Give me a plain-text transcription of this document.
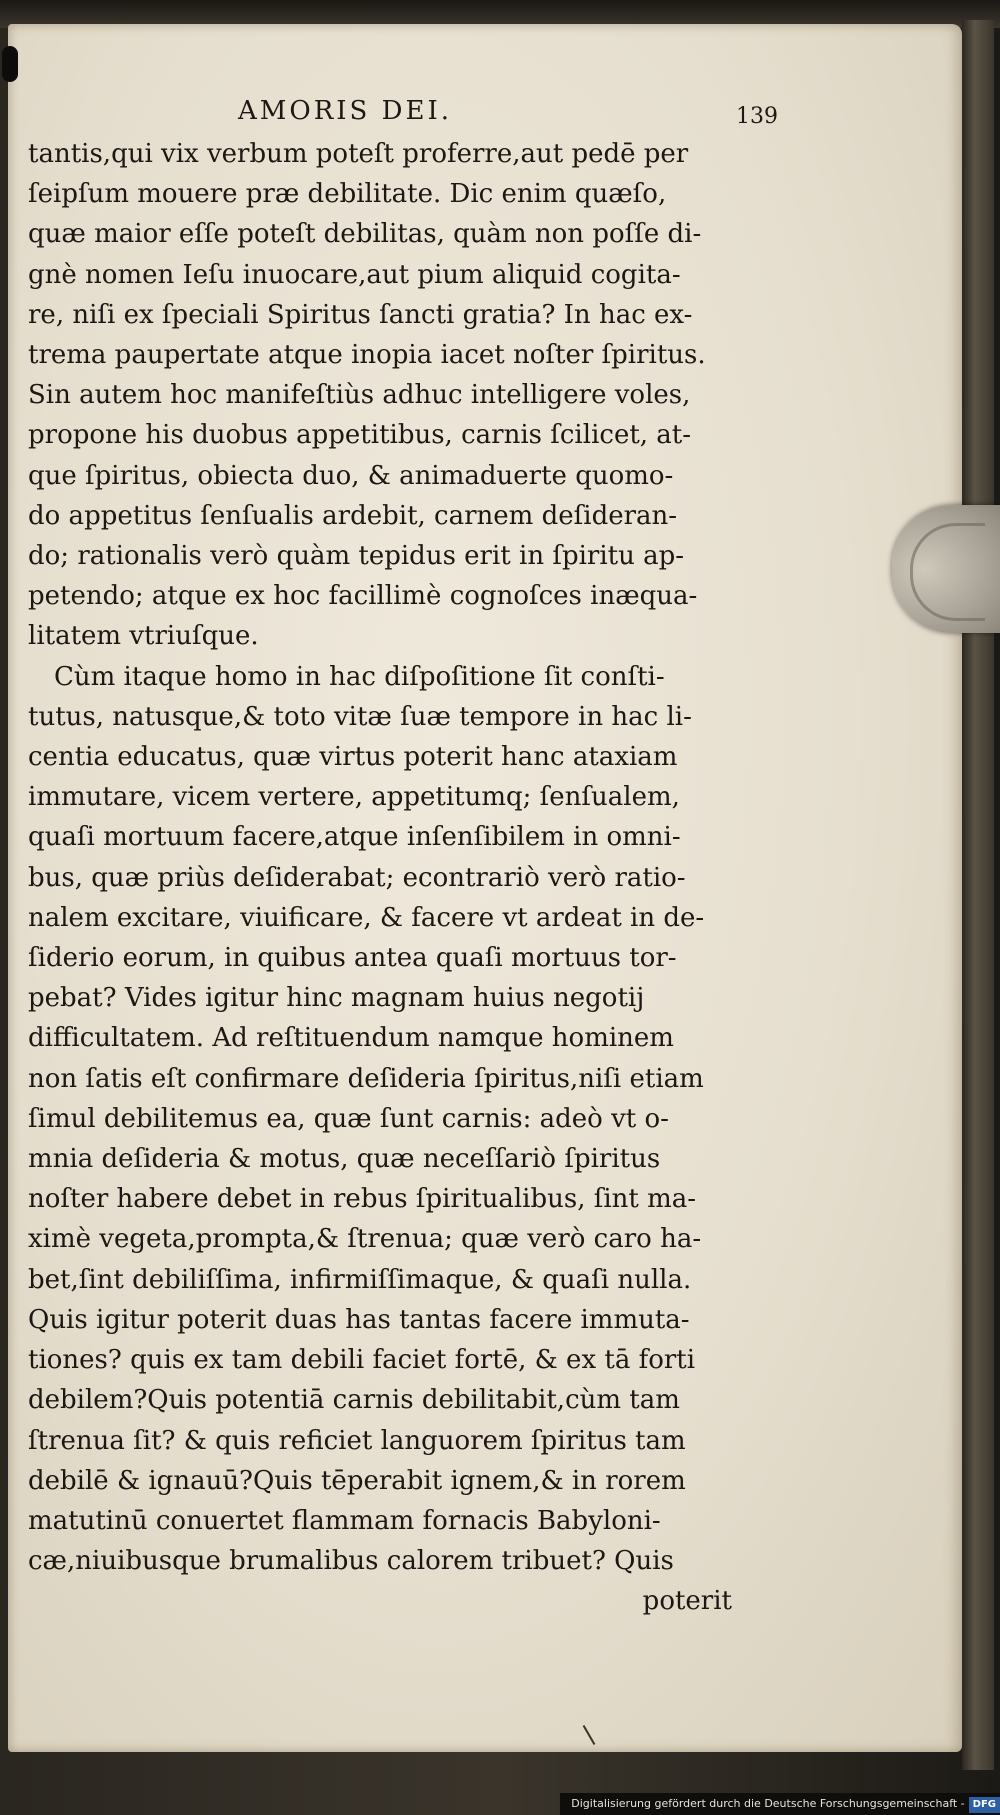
AMORIS DEI.	139
tantis,qui vix verbum poteſt proferre,aut pedē per
ſeipſum mouere præ debilitate. Dic enim quæſo,
quæ maior eſſe poteſt debilitas, quàm non poſſe di-
gnè nomen Ieſu inuocare,aut pium aliquid cogita-
re, niſi ex ſpeciali Spiritus ſancti gratia? In hac ex-
trema paupertate atque inopia iacet noſter ſpiritus.
Sin autem hoc manifeſtiùs adhuc intelligere voles,
propone his duobus appetitibus, carnis ſcilicet, at-
que ſpiritus, obiecta duo, & animaduerte quomo-
do appetitus ſenſualis ardebit, carnem deſideran-
do; rationalis verò quàm tepidus erit in ſpiritu ap-
petendo; atque ex hoc facillimè cognoſces inæqua-
litatem vtriuſque.
Cùm itaque homo in hac diſpoſitione ſit conſti-
tutus, natusque,& toto vitæ ſuæ tempore in hac li-
centia educatus, quæ virtus poterit hanc ataxiam
immutare, vicem vertere, appetitumq; ſenſualem,
quaſi mortuum facere,atque inſenſibilem in omni-
bus, quæ priùs deſiderabat; econtrariò verò ratio-
nalem excitare, viuificare, & facere vt ardeat in de-
ſiderio eorum, in quibus antea quaſi mortuus tor-
pebat? Vides igitur hinc magnam huius negotij
difficultatem. Ad reſtituendum namque hominem
non ſatis eſt confirmare deſideria ſpiritus,niſi etiam
ſimul debilitemus ea, quæ ſunt carnis: adeò vt o-
mnia deſideria & motus, quæ neceſſariò ſpiritus
noſter habere debet in rebus ſpiritualibus, ſint ma-
ximè vegeta,prompta,& ſtrenua; quæ verò caro ha-
bet,ſint debiliſſima, infirmiſſimaque, & quaſi nulla.
Quis igitur poterit duas has tantas facere immuta-
tiones? quis ex tam debili faciet fortē, & ex tā forti
debilem?Quis potentiā carnis debilitabit,cùm tam
ſtrenua ſit? & quis reficiet languorem ſpiritus tam
debilē & ignauū?Quis tēperabit ignem,& in rorem
matutinū conuertet flammam fornacis Babyloni-
cæ,niuibusque brumalibus calorem tribuet? Quis
poterit
Digitalisierung gefördert durch die Deutsche Forschungsgemeinschaft - DFG
